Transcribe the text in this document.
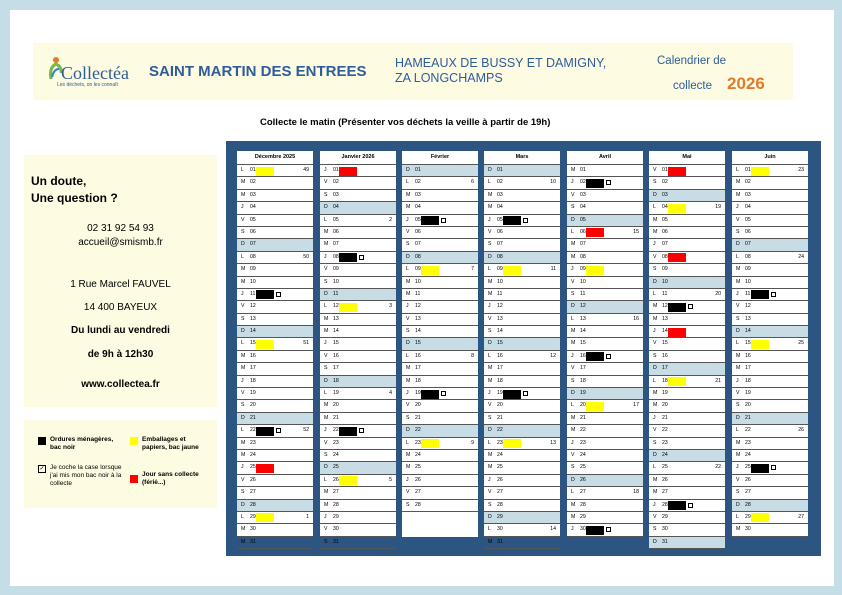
Collectéa
Les déchets, on les connaît
SAINT MARTIN DES ENTREES HAMEAUX DE BUSSY ET DAMIGNY,
ZA LONGCHAMPS
Calendrier de
collecte 2026
Collecte le matin (Présenter vos déchets la veille à partir de 19h)
Un doute,
Une question ?
02 31 92 54 93
accueil@smismb.fr
1 Rue Marcel FAUVEL
14 400 BAYEUX
Du lundi au vendredi
de 9h à 12h30
www.collectea.fr
Ordures ménagères,
bac noir
Emballages et
papiers, bac jaune
✓ Je coche la case lorsque
j'ai mis mon bac noir à la
collecte
Jour sans collecte
(férié...)
Décembre 2025
L 01	49
M 02
M 03
J 04
V 05
S 06
D 07
L 08	50
M 09
M 10
J 11
V 12
S 13
D 14
L 15	51
M 16
M 17
J 18
V 19
S 20
D 21
L 22	52
M 23
M 24
J 25
V 26
S 27
D 28
L 29	1
M 30
M 31
Janvier 2026
J 01
V 02
S 03
D 04
L 05	2
M 06
M 07
J 08
V 09
S 10
D 11
L 12	3
M 13
M 14
J 15
V 16
S 17
D 18
L 19	4
M 20
M 21
J 22
V 23
S 24
D 25
L 26	5
M 27
M 28
J 29
V 30
S 31
Février
D 01
L 02	6
M 03
M 04
J 05
V 06
S 07
D 08
L 09	7
M 10
M 11
J 12
V 13
S 14
D 15
L 16	8
M 17
M 18
J 19
V 20
S 21
D 22
L 23	9
M 24
M 25
J 26
V 27
S 28
Mars
D 01
L 02	10
M 03
M 04
J 05
V 06
S 07
D 08
L 09	11
M 10
M 11
J 12
V 13
S 14
D 15
L 16	12
M 17
M 18
J 19
V 20
S 21
D 22
L 23	13
M 24
M 25
J 26
V 27
S 28
D 29
L 30	14
M 31
Avril
M 01
J 02
V 03
S 04
D 05
L 06	15
M 07
M 08
J 09
V 10
S 11
D 12
L 13	16
M 14
M 15
J 16
V 17
S 18
D 19
L 20	17
M 21
M 22
J 23
V 24
S 25
D 26
L 27	18
M 28
M 29
J 30
Mai
V 01
S 02
D 03
L 04	19
M 05
M 06
J 07
V 08
S 09
D 10
L 11	20
M 12
M 13
J 14
V 15
S 16
D 17
L 18	21
M 19
M 20
J 21
V 22
S 23
D 24
L 25	22
M 26
M 27
J 28
V 29
S 30
D 31
Juin
L 01	23
M 02
M 03
J 04
V 05
S 06
D 07
L 08	24
M 09
M 10
J 11
V 12
S 13
D 14
L 15	25
M 16
M 17
J 18
V 19
S 20
D 21
L 22	26
M 23
M 24
J 25
V 26
S 27
D 28
L 29	27
M 30
